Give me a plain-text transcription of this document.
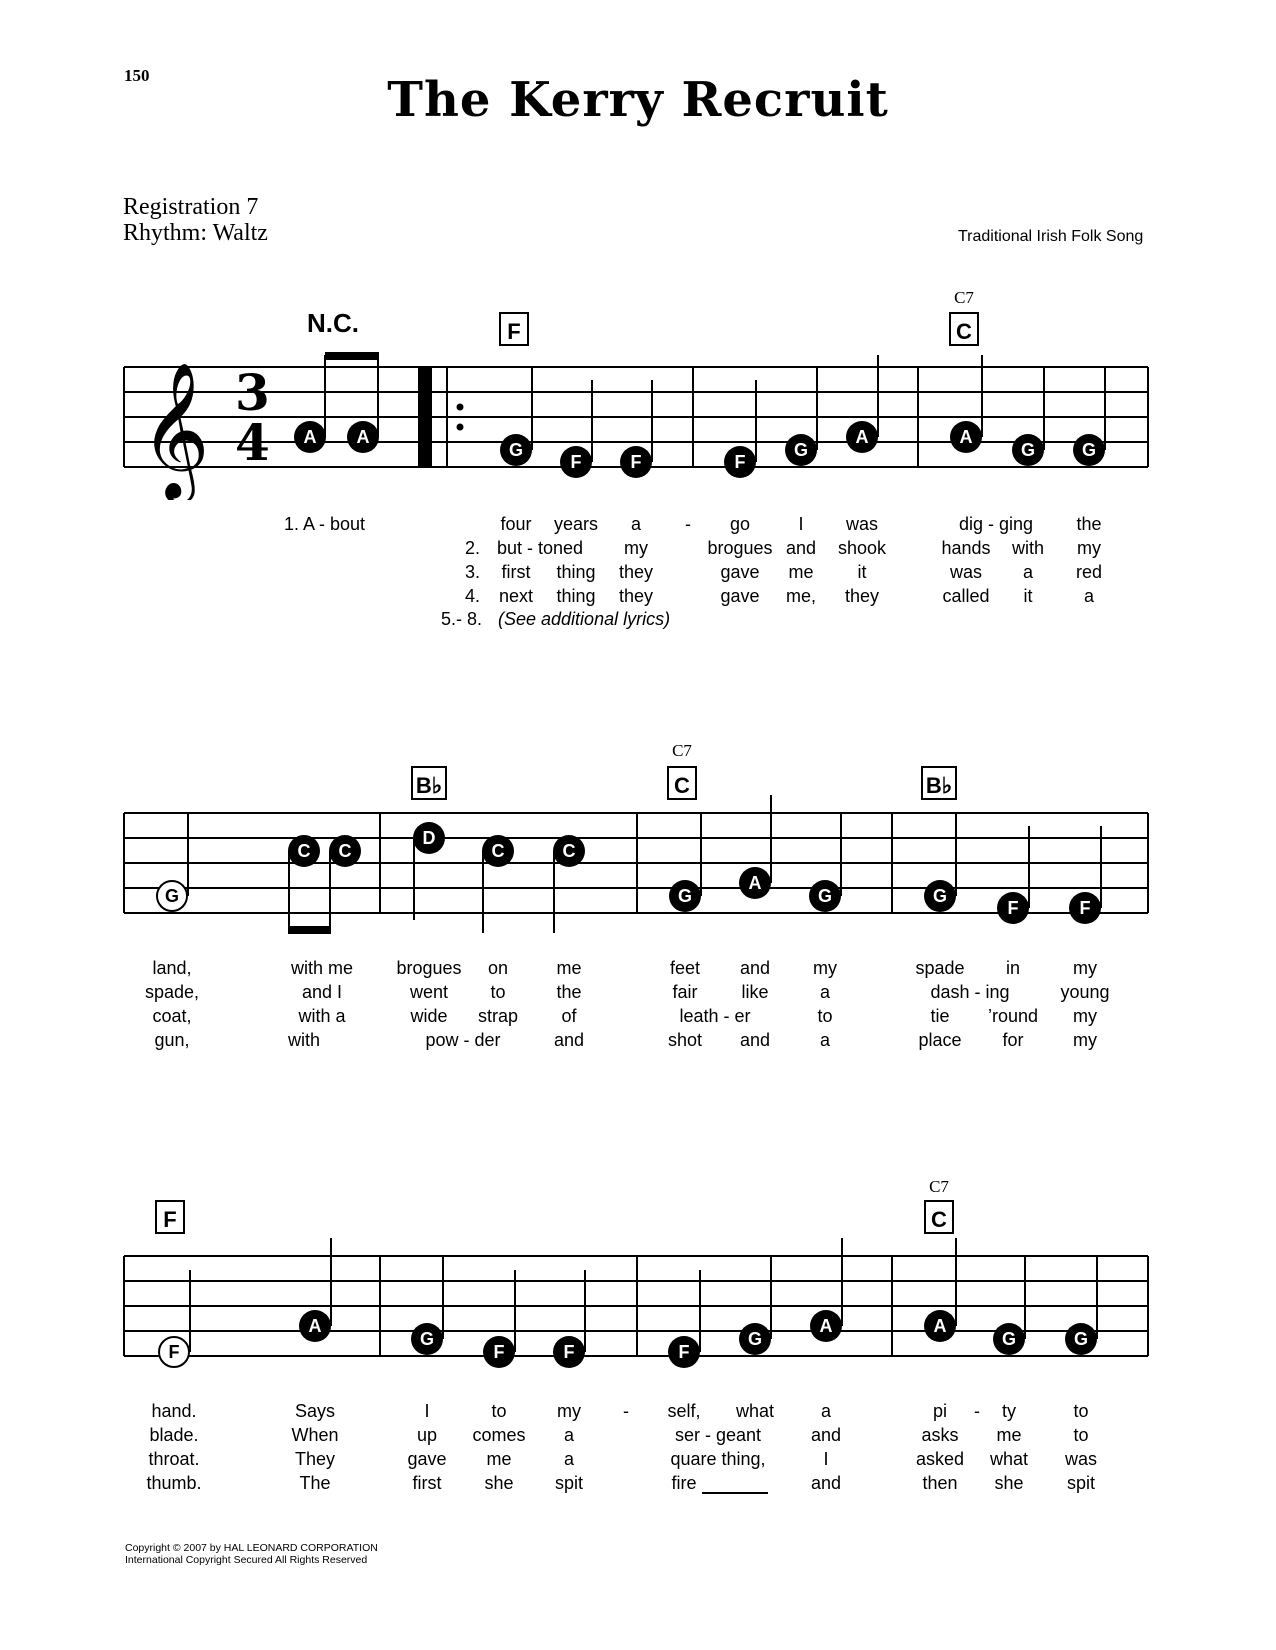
150	The Kerry Recruit
Registration 7
Rhythm: Waltz	Traditional Irish Folk Song
𝄞 3
4
N.C.	F
C7
C
A A
G
F	F	F
G
A	A
G	G
1. A - bout	four years a - go	I was	dig - ging the
2. but - toned my	brogues and shook	hands with my
3. first thing they	gave me it	was a red
4. next thing they	gave me, they	called it	a
5.- 8. (See additional lyrics)
B♭
C7
C	B♭
G
C C
D
C	C
G
A
G	G
F	F
land,	with me brogues on	me	feet and my	spade in	my
spade,	and I	went to	the	fair like	a	dash - ing	young
coat,	with a	wide strap of	leath - er	to	tie ’round my
gun,	with	pow - der	and	shot and	a	place for	my
F
C7
C
F
A
G
F	F	F
G
A	A
G	G
hand.	Says	I	to	my - self, what	a	pi - ty	to
blade.	When	up comes a	ser - geant	and	asks me	to
throat.	They	gave me	a	quare thing,	I	asked what was
thumb.	The	first she spit	fire	and	then she spit
Copyright © 2007 by HAL LEONARD CORPORATION
International Copyright Secured All Rights Reserved
